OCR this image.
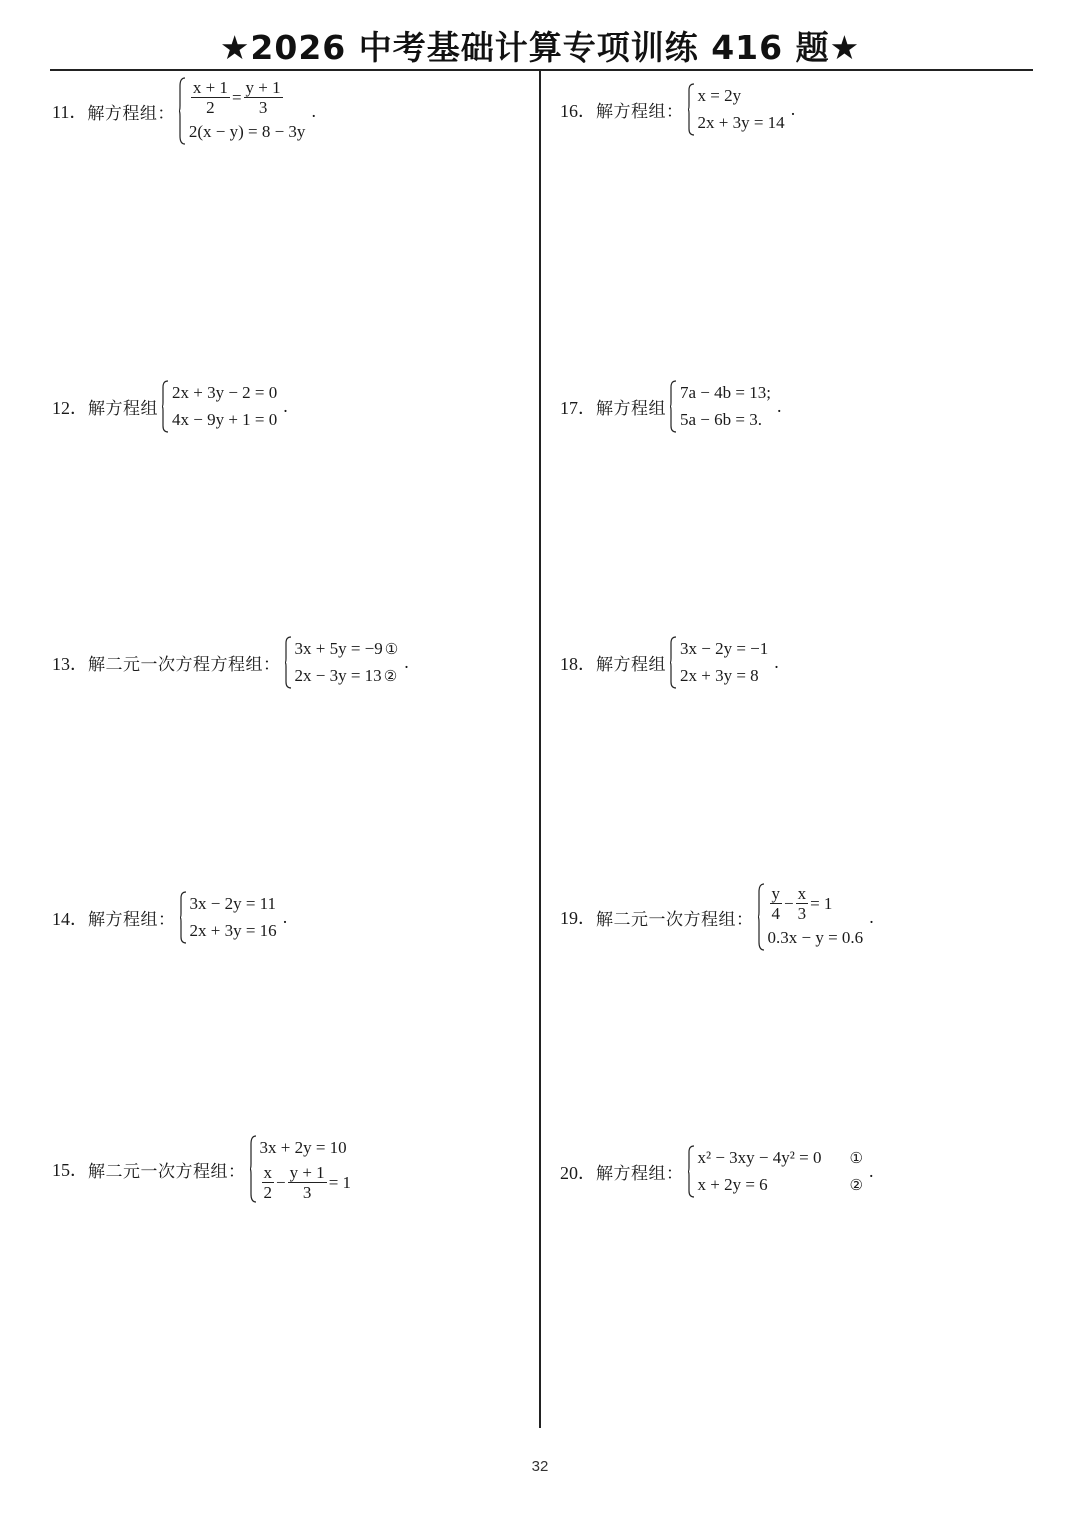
★2026 中考基础计算专项训练 416 题★
11． 解方程组： $\frac{x + 1}{2} = \frac{y + 1}{3}$
2(x − y) = 8 − 3y
.
12． 解方程组
2x + 3y − 2 = 0
4x − 9y + 1 = 0
.
13． 解二元一次方程方程组：
3x + 5y = −9 ①
2x − 3y = 13 ②
.
14． 解方程组：
3x − 2y = 11
2x + 3y = 16
.
15． 解二元一次方程组：
3x + 2y = 10
$\frac{x}{2} - \frac{y + 1}{3} = 1$
16． 解方程组：
x = 2y
2x + 3y = 14
.
17． 解方程组
7a − 4b = 13;
5a − 6b = 3.
.
18． 解方程组
3x − 2y = −1
2x + 3y = 8
.
19． 解二元一次方程组： $\frac{y}{4} - \frac{x}{3} = 1$
0.3x − y = 0.6
.
20． 解方程组：
x² − 3xy − 4y² = 0	①
x + 2y = 6	②
.
32
